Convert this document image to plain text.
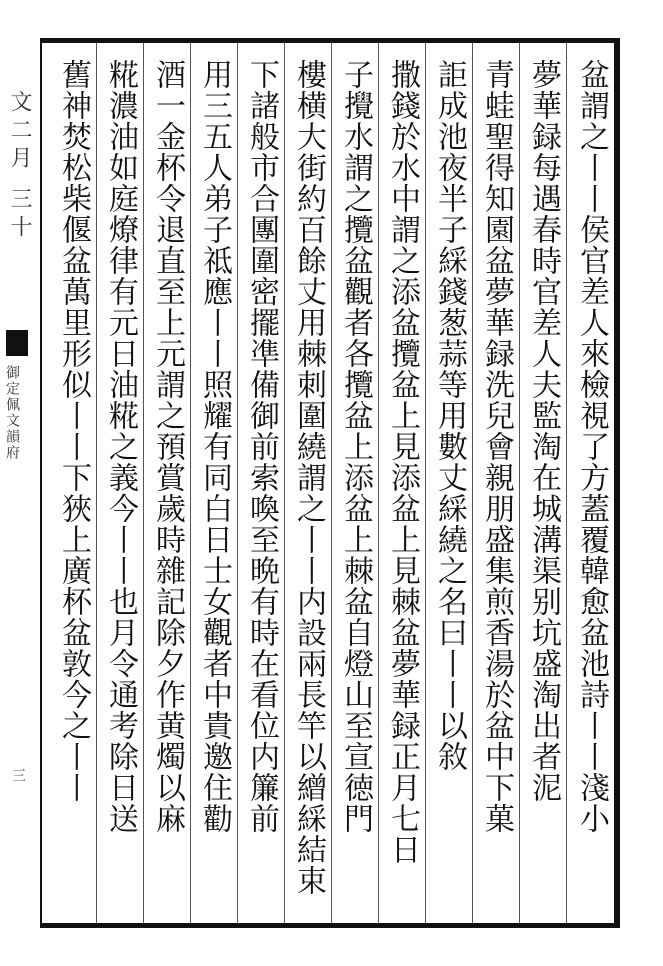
文二月 三十
御定佩文韻府
三	盆謂之丨丨侯官差人來檢視了方蓋覆韓愈盆池詩丨丨淺小
夢華録每遇春時官差人夫監淘在城溝渠别坑盛淘出者泥
青蛙聖得知園盆夢華録洗兒會親朋盛集煎香湯於盆中下菓
詎成池夜半子綵錢葱蒜等用數丈綵繞之名曰丨丨以敘
撒錢於水中謂之添盆攬盆上見添盆上見棘盆夢華録正月七日
子攪水謂之攬盆觀者各攬盆上添盆上棘盆自燈山至宣徳門
樓横大街約百餘丈用棘刺圍繞謂之丨丨内設兩長竿以繒綵結束
下諸般市合團圍密擺凖備御前索喚至晩有時在看位内簾前
用三五人弟子祗應丨丨照耀有同白日士女觀者中貴邀住勸
酒一金杯令退直至上元謂之預賞歲時雜記除夕作黄燭以麻
糀濃油如庭燎律有元日油糀之義今丨丨也月令通考除日送
舊神焚松柴偃盆萬里形似丨丨下狹上廣杯盆敦今之丨丨
